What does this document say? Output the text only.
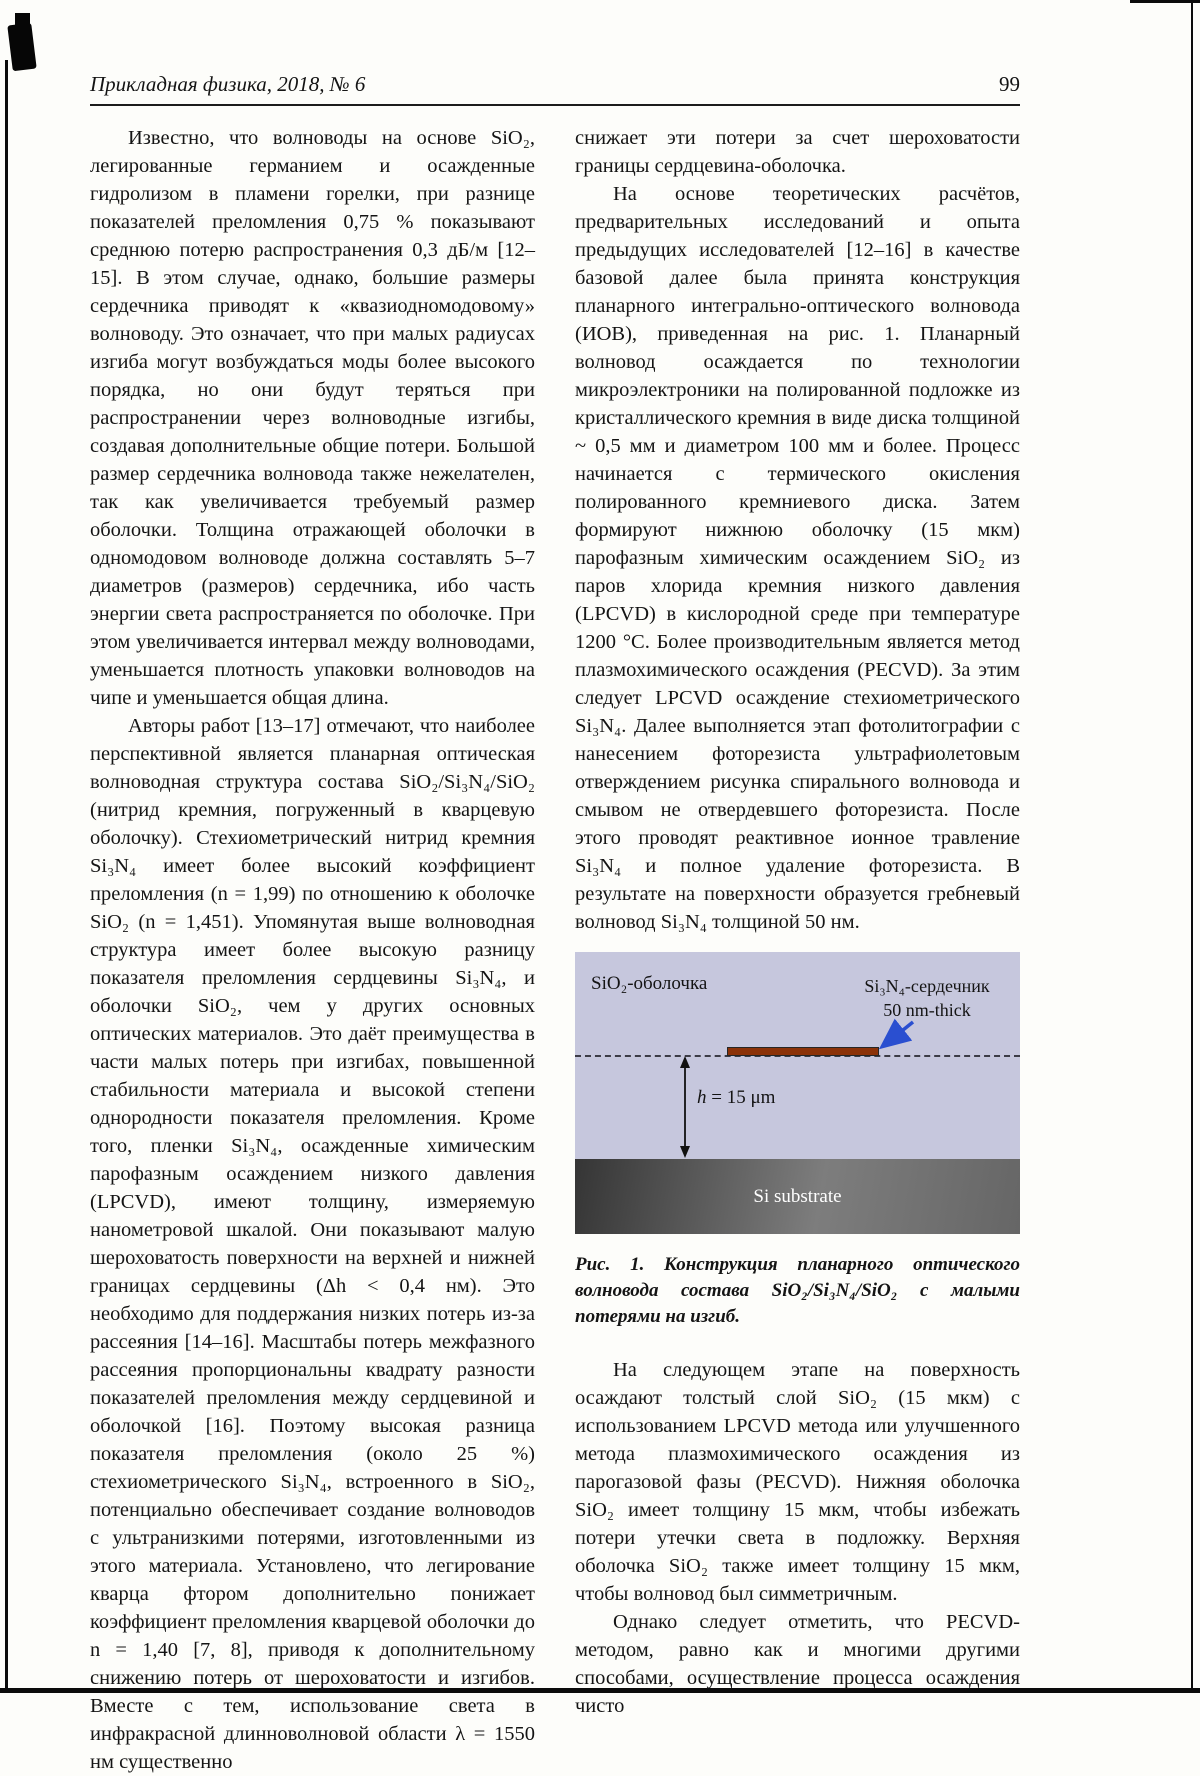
Прикладная физика, 2018, № 6	99

Известно, что волноводы на основе SiO₂, легированные германием и осажденные гидролизом в пламени горелки, при разнице показателей преломления 0,75 % показывают среднюю потерю распространения 0,3 дБ/м [12–15]. В этом случае, однако, большие размеры сердечника приводят к «квазиодномодовому» волноводу. Это означает, что при малых радиусах изгиба могут возбуждаться моды более высокого порядка, но они будут теряться при распространении через волноводные изгибы, создавая дополнительные общие потери. Большой размер сердечника волновода также нежелателен, так как увеличивается требуемый размер оболочки. Толщина отражающей оболочки в одномодовом волноводе должна составлять 5–7 диаметров (размеров) сердечника, ибо часть энергии света распространяется по оболочке. При этом увеличивается интервал между волноводами, уменьшается плотность упаковки волноводов на чипе и уменьшается общая длина.

Авторы работ [13–17] отмечают, что наиболее перспективной является планарная оптическая волноводная структура состава SiO₂/Si₃N₄/SiO₂ (нитрид кремния, погруженный в кварцевую оболочку). Стехиометрический нитрид кремния Si₃N₄ имеет более высокий коэффициент преломления (n = 1,99) по отношению к оболочке SiO₂ (n = 1,451). Упомянутая выше волноводная структура имеет более высокую разницу показателя преломления сердцевины Si₃N₄, и оболочки SiO₂, чем у других основных оптических материалов. Это даёт преимущества в части малых потерь при изгибах, повышенной стабильности материала и высокой степени однородности показателя преломления. Кроме того, пленки Si₃N₄, осажденные химическим парофазным осаждением низкого давления (LPCVD), имеют толщину, измеряемую нанометровой шкалой. Они показывают малую шероховатость поверхности на верхней и нижней границах сердцевины (Δh < 0,4 нм). Это необходимо для поддержания низких потерь из-за рассеяния [14–16]. Масштабы потерь межфазного рассеяния пропорциональны квадрату разности показателей преломления между сердцевиной и оболочкой [16]. Поэтому высокая разница показателя преломления (около 25 %) стехиометрического Si₃N₄, встроенного в SiO₂, потенциально обеспечивает создание волноводов с ультранизкими потерями, изготовленными из этого материала. Установлено, что легирование кварца фтором дополнительно понижает коэффициент преломления кварцевой оболочки до n = 1,40 [7, 8], приводя к дополнительному снижению потерь от шероховатости и изгибов. Вместе с тем, использование света в инфракрасной длинноволновой области λ = 1550 нм существенно

снижает эти потери за счет шероховатости границы сердцевина-оболочка.

На основе теоретических расчётов, предварительных исследований и опыта предыдущих исследователей [12–16] в качестве базовой далее была принята конструкция планарного интегрально-оптического волновода (ИОВ), приведенная на рис. 1. Планарный волновод осаждается по технологии микроэлектроники на полированной подложке из кристаллического кремния в виде диска толщиной ~ 0,5 мм и диаметром 100 мм и более. Процесс начинается с термического окисления полированного кремниевого диска. Затем формируют нижнюю оболочку (15 мкм) парофазным химическим осаждением SiO₂ из паров хлорида кремния низкого давления (LPCVD) в кислородной среде при температуре 1200 °С. Более производительным является метод плазмохимического осаждения (PECVD). За этим следует LPCVD осаждение стехиометрического Si₃N₄. Далее выполняется этап фотолитографии с нанесением фоторезиста ультрафиолетовым отверждением рисунка спирального волновода и смывом не отвердевшего фоторезиста. После этого проводят реактивное ионное травление Si₃N₄ и полное удаление фоторезиста. В результате на поверхности образуется гребневый волновод Si₃N₄ толщиной 50 нм.

SiO₂-оболочка	Si₃N₄-сердечник
50 nm-thick
h = 15 μm
Si substrate
Рис. 1. Конструкция планарного оптического волновода состава SiO₂/Si₃N₄/SiO₂ с малыми потерями на изгиб.

На следующем этапе на поверхность осаждают толстый слой SiO₂ (15 мкм) с использованием LPCVD метода или улучшенного метода плазмохимического осаждения из парогазовой фазы (PECVD). Нижняя оболочка SiO₂ имеет толщину 15 мкм, чтобы избежать потери утечки света в подложку. Верхняя оболочка SiO₂ также имеет толщину 15 мкм, чтобы волновод был симметричным.

Однако следует отметить, что PECVD-методом, равно как и многими другими способами, осуществление процесса осаждения чисто
